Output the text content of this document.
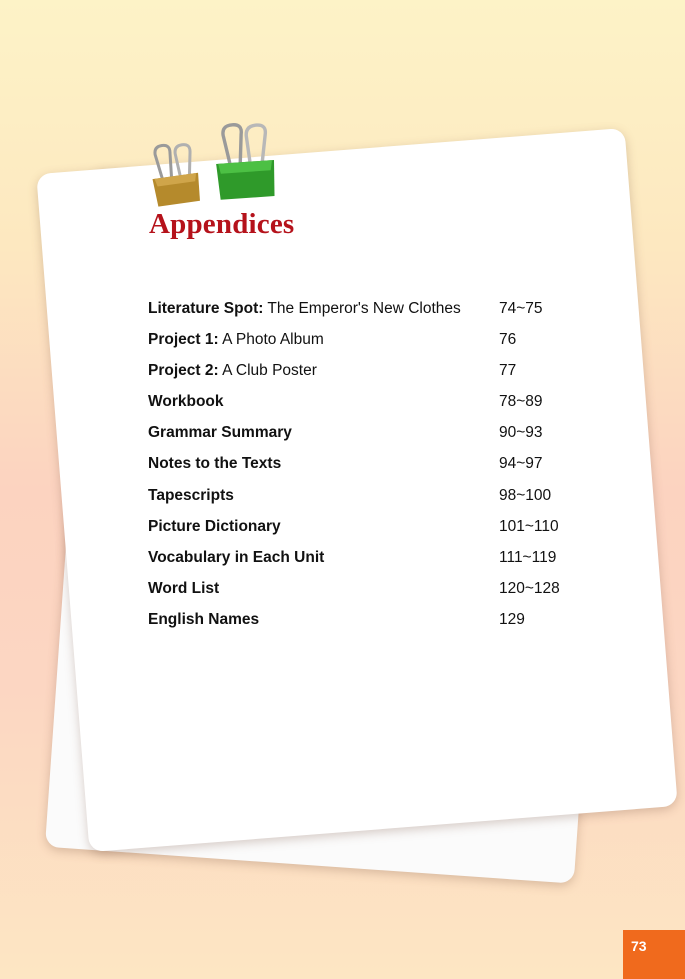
Appendices
Literature Spot: The Emperor's New Clothes 74~75
Project 1: A Photo Album	76
Project 2: A Club Poster	77
Workbook	78~89
Grammar Summary	90~93
Notes to the Texts	94~97
Tapescripts	98~100
Picture Dictionary	101~110
Vocabulary in Each Unit	111~119
Word List	120~128
English Names	129
73
